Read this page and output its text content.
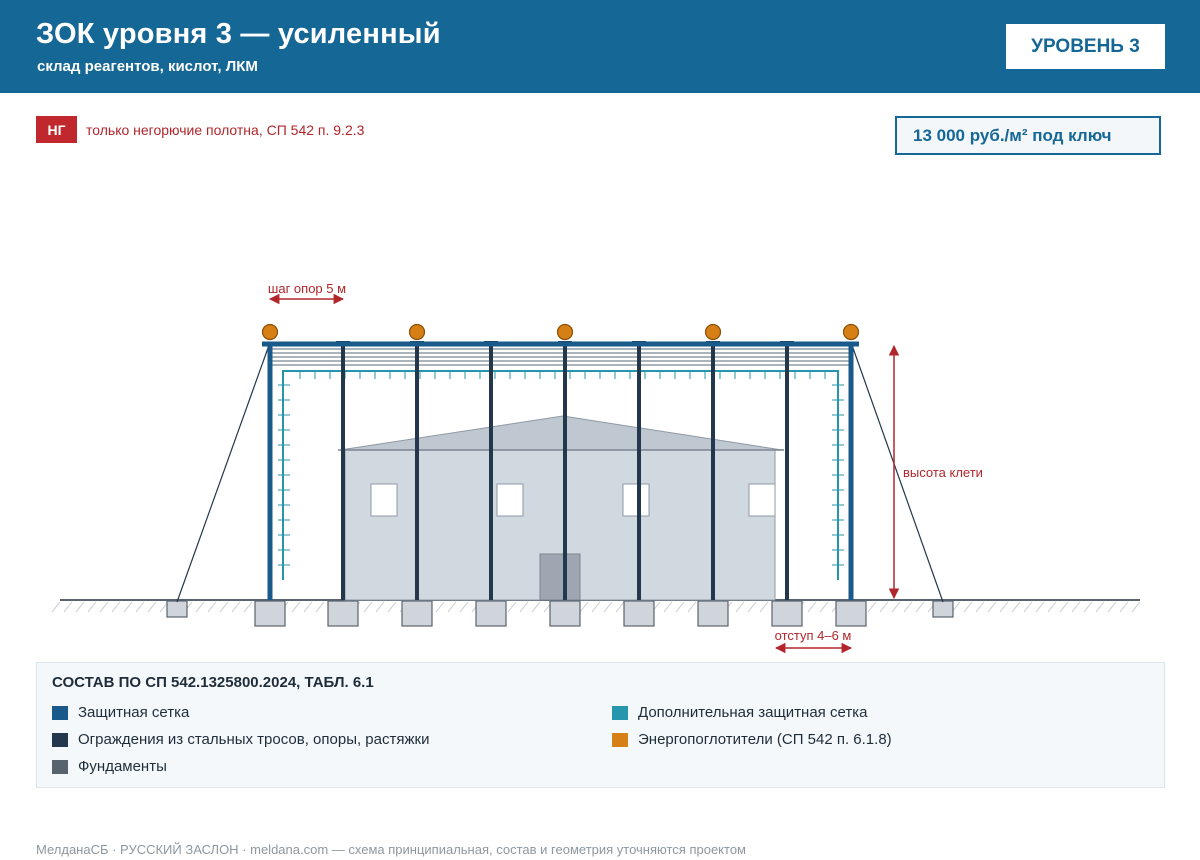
ЗОК уровня 3 — усиленный
склад реагентов, кислот, ЛКМ
УРОВЕНЬ 3
НГ	только негорючие полотна, СП 542 п. 9.2.3	13 000 руб./м² под ключ
шаг опор 5 м
высота клети
отступ 4–6 м
СОСТАВ ПО СП 542.1325800.2024, ТАБЛ. 6.1
Защитная сетка
Ограждения из стальных тросов, опоры, растяжки
Фундаменты
Дополнительная защитная сетка
Энергопоглотители (СП 542 п. 6.1.8)
МелданаСБ · РУССКИЙ ЗАСЛОН · meldana.com — схема принципиальная, состав и геометрия уточняются проектом
